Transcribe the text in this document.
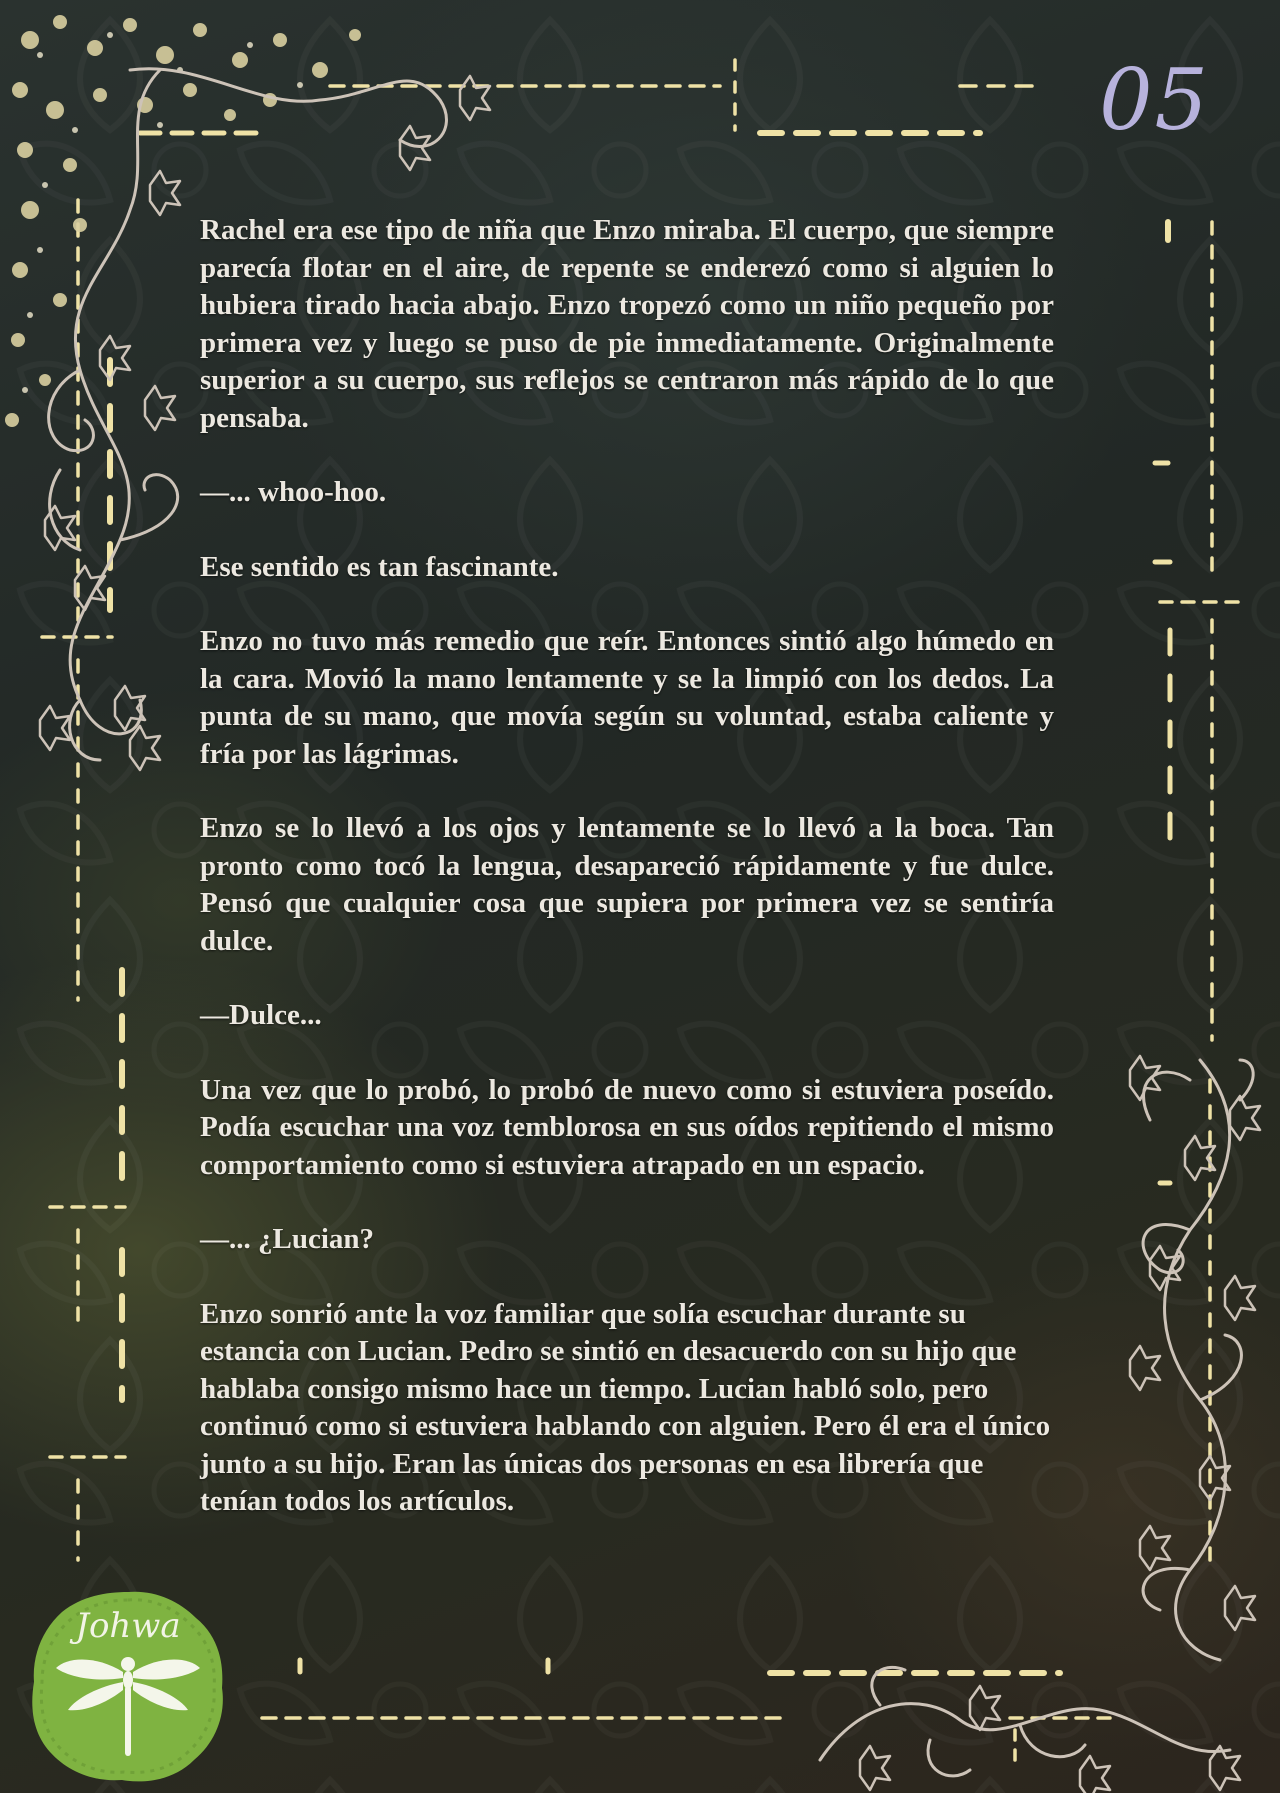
05

Rachel era ese tipo de niña que Enzo miraba. El cuerpo, que siempre parecía flotar en el aire, de repente se enderezó como si alguien lo hubiera tirado hacia abajo. Enzo tropezó como un niño pequeño por primera vez y luego se puso de pie inmediatamente. Originalmente superior a su cuerpo, sus reflejos se centraron más rápido de lo que pensaba.

—... whoo-hoo.

Ese sentido es tan fascinante.

Enzo no tuvo más remedio que reír. Entonces sintió algo húmedo en la cara. Movió la mano lentamente y se la limpió con los dedos. La punta de su mano, que movía según su voluntad, estaba caliente y fría por las lágrimas.

Enzo se lo llevó a los ojos y lentamente se lo llevó a la boca. Tan pronto como tocó la lengua, desapareció rápidamente y fue dulce. Pensó que cualquier cosa que supiera por primera vez se sentiría dulce.

—Dulce...

Una vez que lo probó, lo probó de nuevo como si estuviera poseído. Podía escuchar una voz temblorosa en sus oídos repitiendo el mismo comportamiento como si estuviera atrapado en un espacio.

—... ¿Lucian?

Enzo sonrió ante la voz familiar que solía escuchar durante su estancia con Lucian. Pedro se sintió en desacuerdo con su hijo que hablaba consigo mismo hace un tiempo. Lucian habló solo, pero continuó como si estuviera hablando con alguien. Pero él era el único junto a su hijo. Eran las únicas dos personas en esa librería que tenían todos los artículos.

Johwa
